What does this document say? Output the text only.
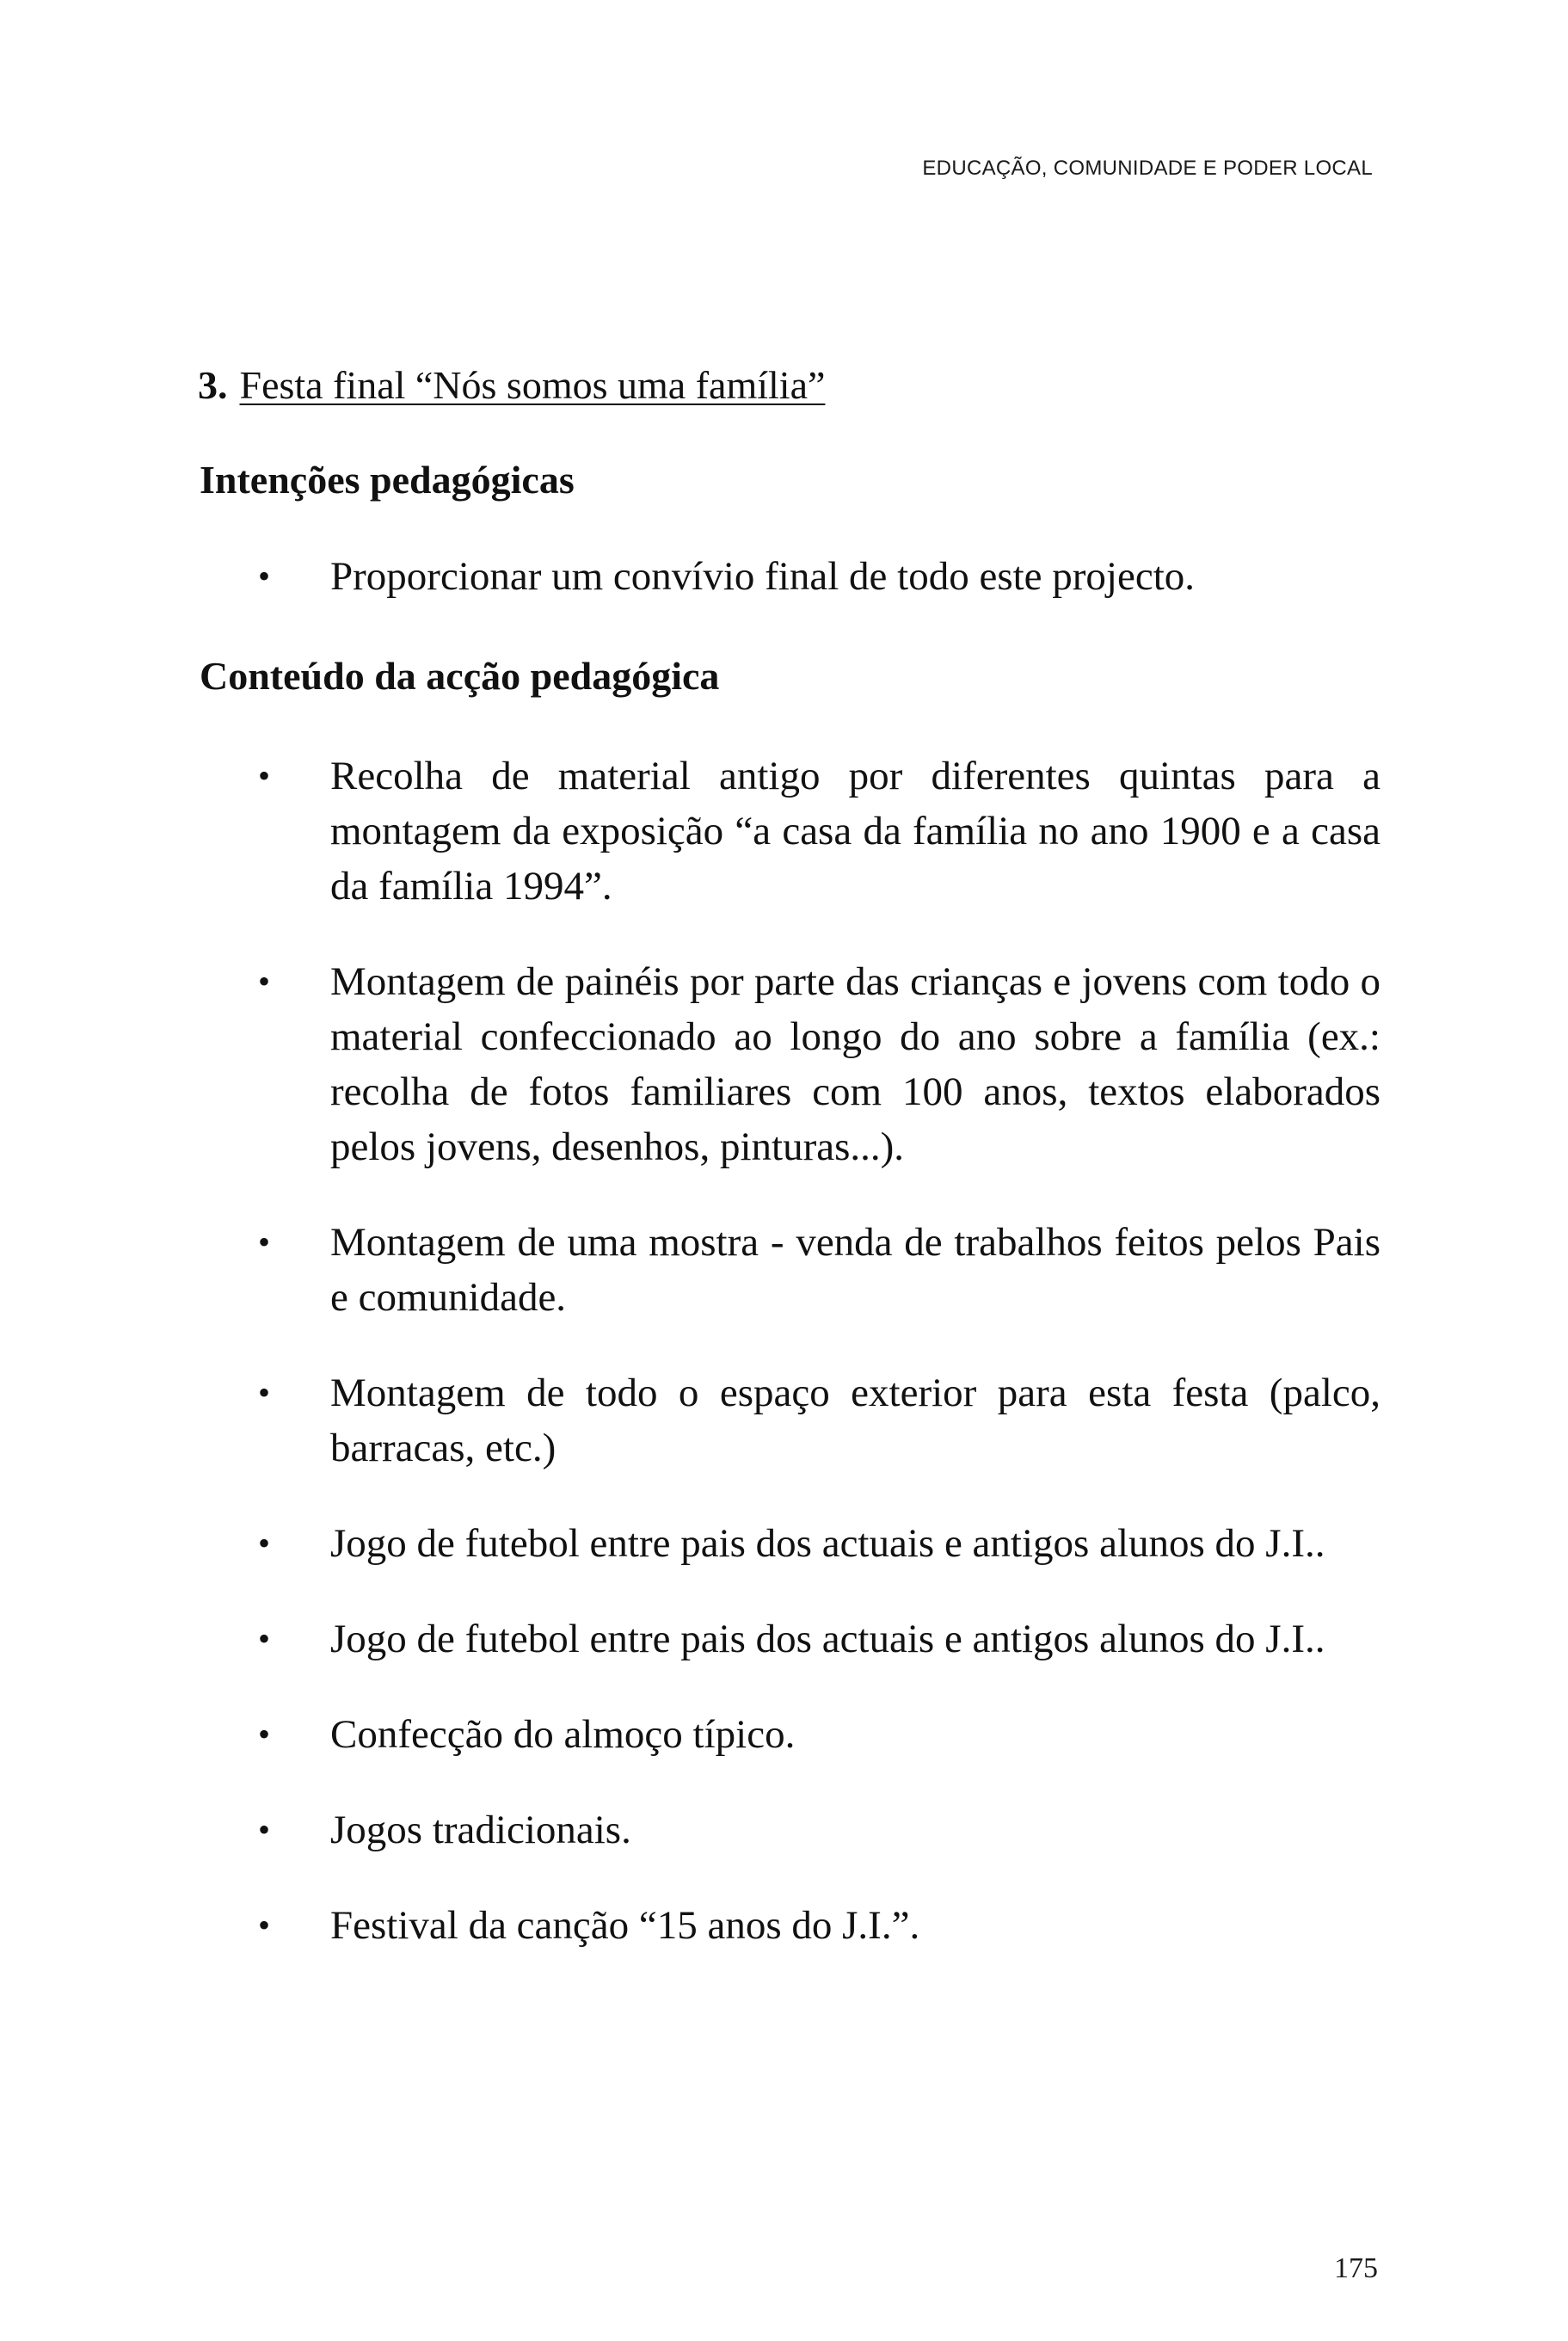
EDUCAÇÃO, COMUNIDADE E PODER LOCAL
3. Festa final “Nós somos uma família”
Intenções pedagógicas
•	Proporcionar um convívio final de todo este projecto.
Conteúdo da acção pedagógica
•	Recolha de material antigo por diferentes quintas para a montagem da exposição “a casa da família no ano 1900 e a casa da família 1994”.
•	Montagem de painéis por parte das crianças e jovens com todo o material confeccionado ao longo do ano sobre a família (ex.: recolha de fotos familiares com 100 anos, textos elaborados pelos jovens, desenhos, pinturas...).
•	Montagem de uma mostra - venda de trabalhos feitos pelos Pais e comunidade.
•	Montagem de todo o espaço exterior para esta festa (palco, barracas, etc.)
•	Jogo de futebol entre pais dos actuais e antigos alunos do J.I..
•	Jogo de futebol entre pais dos actuais e antigos alunos do J.I..
•	Confecção do almoço típico.
•	Jogos tradicionais.
•	Festival da canção “15 anos do J.I.”.
175
